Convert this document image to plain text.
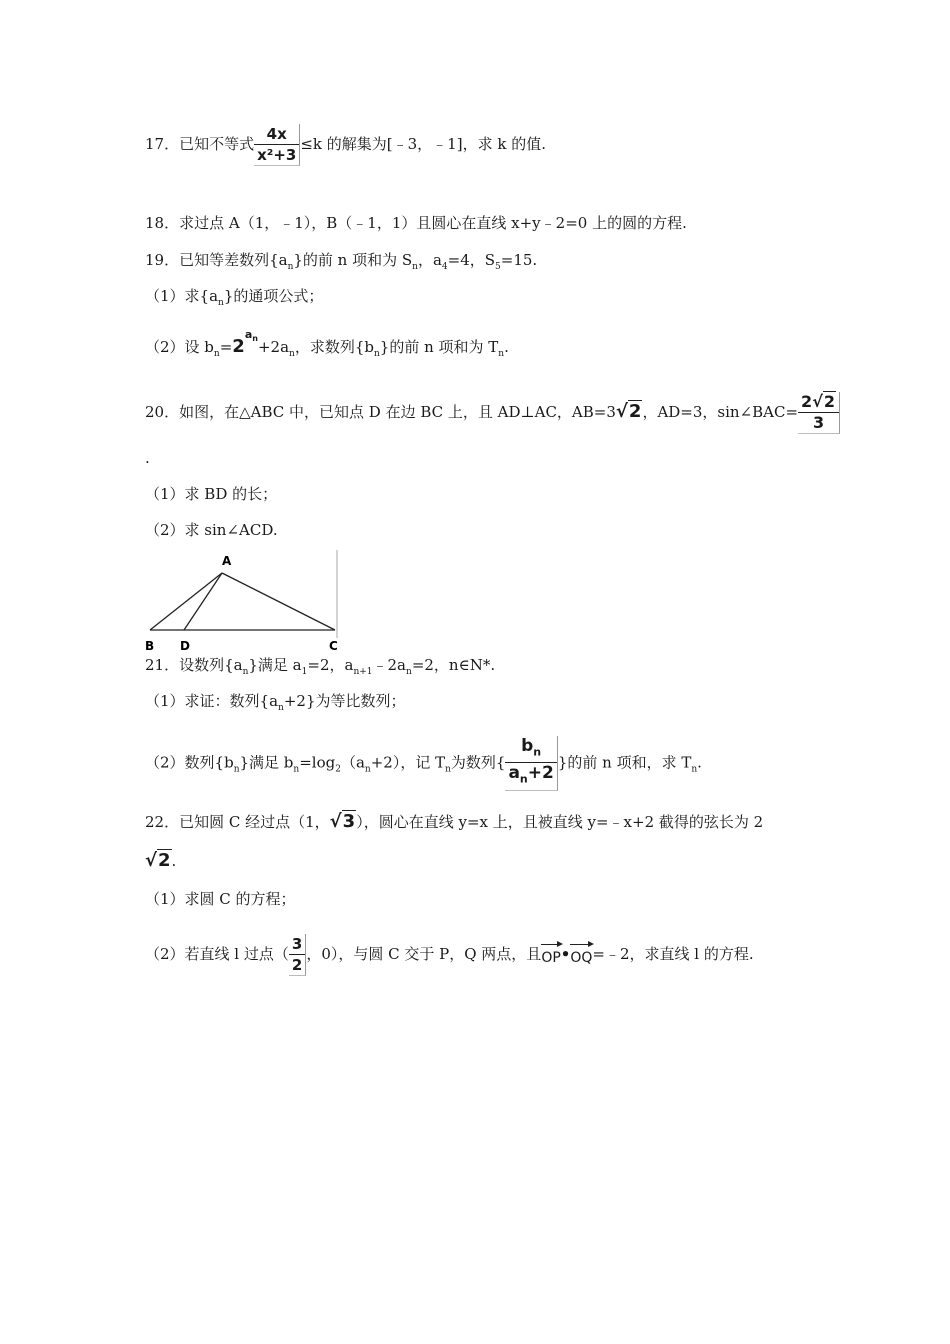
17．已知不等式 $\frac{4x}{\text{x²+3}} \le k$ 的解集为[﹣3，﹣1]，求 k 的值.
18．求过点 A（1，﹣1），B（﹣1，1）且圆心在直线 x+y﹣2=0 上的圆的方程.
19．已知等差数列$\{a_n\}$的前 n 项和为 $S_n$，$a_4=4$，$S_5=15$.
（1）求$\{a_n\}$的通项公式；
（2）设 $b_n=2^{a_n}+2a_n$，求数列$\{b_n\}$的前 n 项和为 $T_n$.
20．如图，在△ABC 中，已知点 D 在边 BC 上，且 AD⊥AC，AB=3√2，AD=3，sin∠BAC= $\frac{2√2}{3}$
.
（1）求 BD 的长；
（2）求 sin∠ACD.
A
B D	C
21．设数列$\{a_n\}$满足 $a_1=2$，$a_{n+1}﹣2a_n=2$，n∈N*.
（1）求证：数列$\{a_n+2\}$为等比数列；
（2）数列$\{b_n\}$满足 $b_n=\log_2(a_n+2)$，记 $T_n$为数列{ $\frac{b_n}{a_n+2}$ }的前 n 项和，求 $T_n$.
22．已知圆 C 经过点（1，√3），圆心在直线 y=x 上，且被直线 y=﹣x+2 截得的弦长为 2
√2.
（1）求圆 C 的方程；
（2）若直线 l 过点（ $\frac{3}{2}$ ，0），与圆 C 交于 P，Q 两点，且OP•OQ=﹣2，求直线 l 的方程.
